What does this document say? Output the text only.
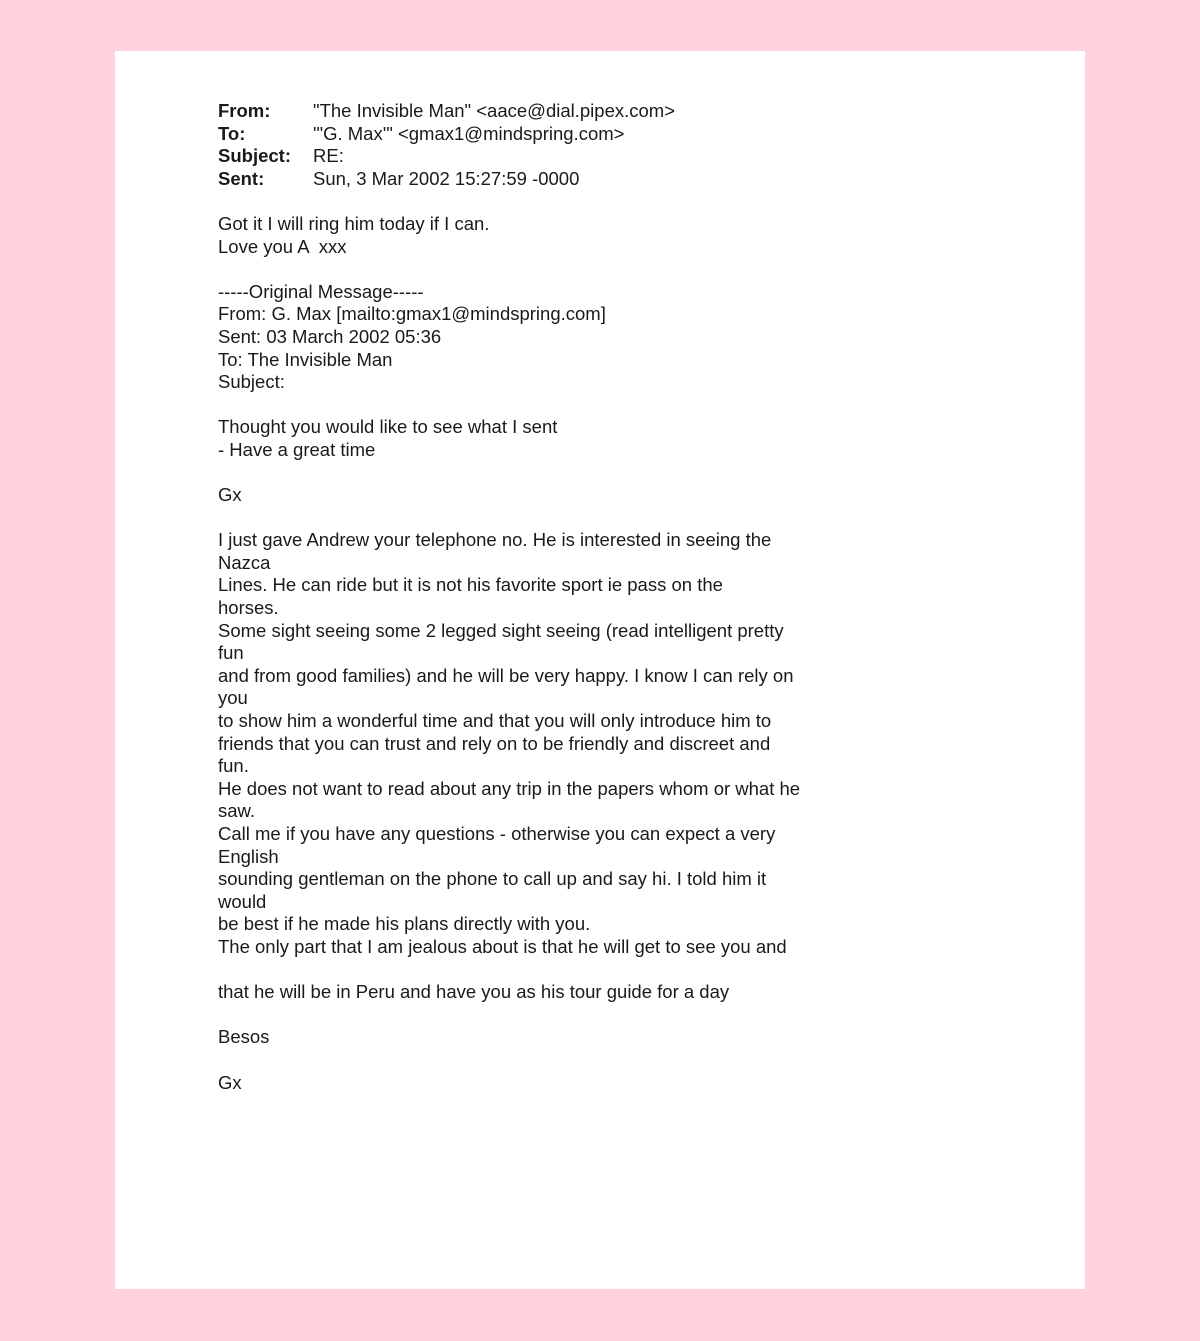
From:	"The Invisible Man" <aace@dial.pipex.com>
To:	'"G. Max'" <gmax1@mindspring.com>
Subject:	RE:
Sent:	Sun, 3 Mar 2002 15:27:59 -0000
Got it I will ring him today if I can.
Love you A  xxx
-----Original Message-----
From: G. Max [mailto:gmax1@mindspring.com]
Sent: 03 March 2002 05:36
To: The Invisible Man
Subject:
Thought you would like to see what I sent
- Have a great time
Gx
I just gave Andrew your telephone no. He is interested in seeing the
Nazca
Lines. He can ride but it is not his favorite sport ie pass on the
horses.
Some sight seeing some 2 legged sight seeing (read intelligent pretty
fun
and from good families) and he will be very happy. I know I can rely on
you
to show him a wonderful time and that you will only introduce him to
friends that you can trust and rely on to be friendly and discreet and
fun.
He does not want to read about any trip in the papers whom or what he
saw.
Call me if you have any questions - otherwise you can expect a very
English
sounding gentleman on the phone to call up and say hi. I told him it
would
be best if he made his plans directly with you.
The only part that I am jealous about is that he will get to see you and
that he will be in Peru and have you as his tour guide for a day
Besos
Gx
